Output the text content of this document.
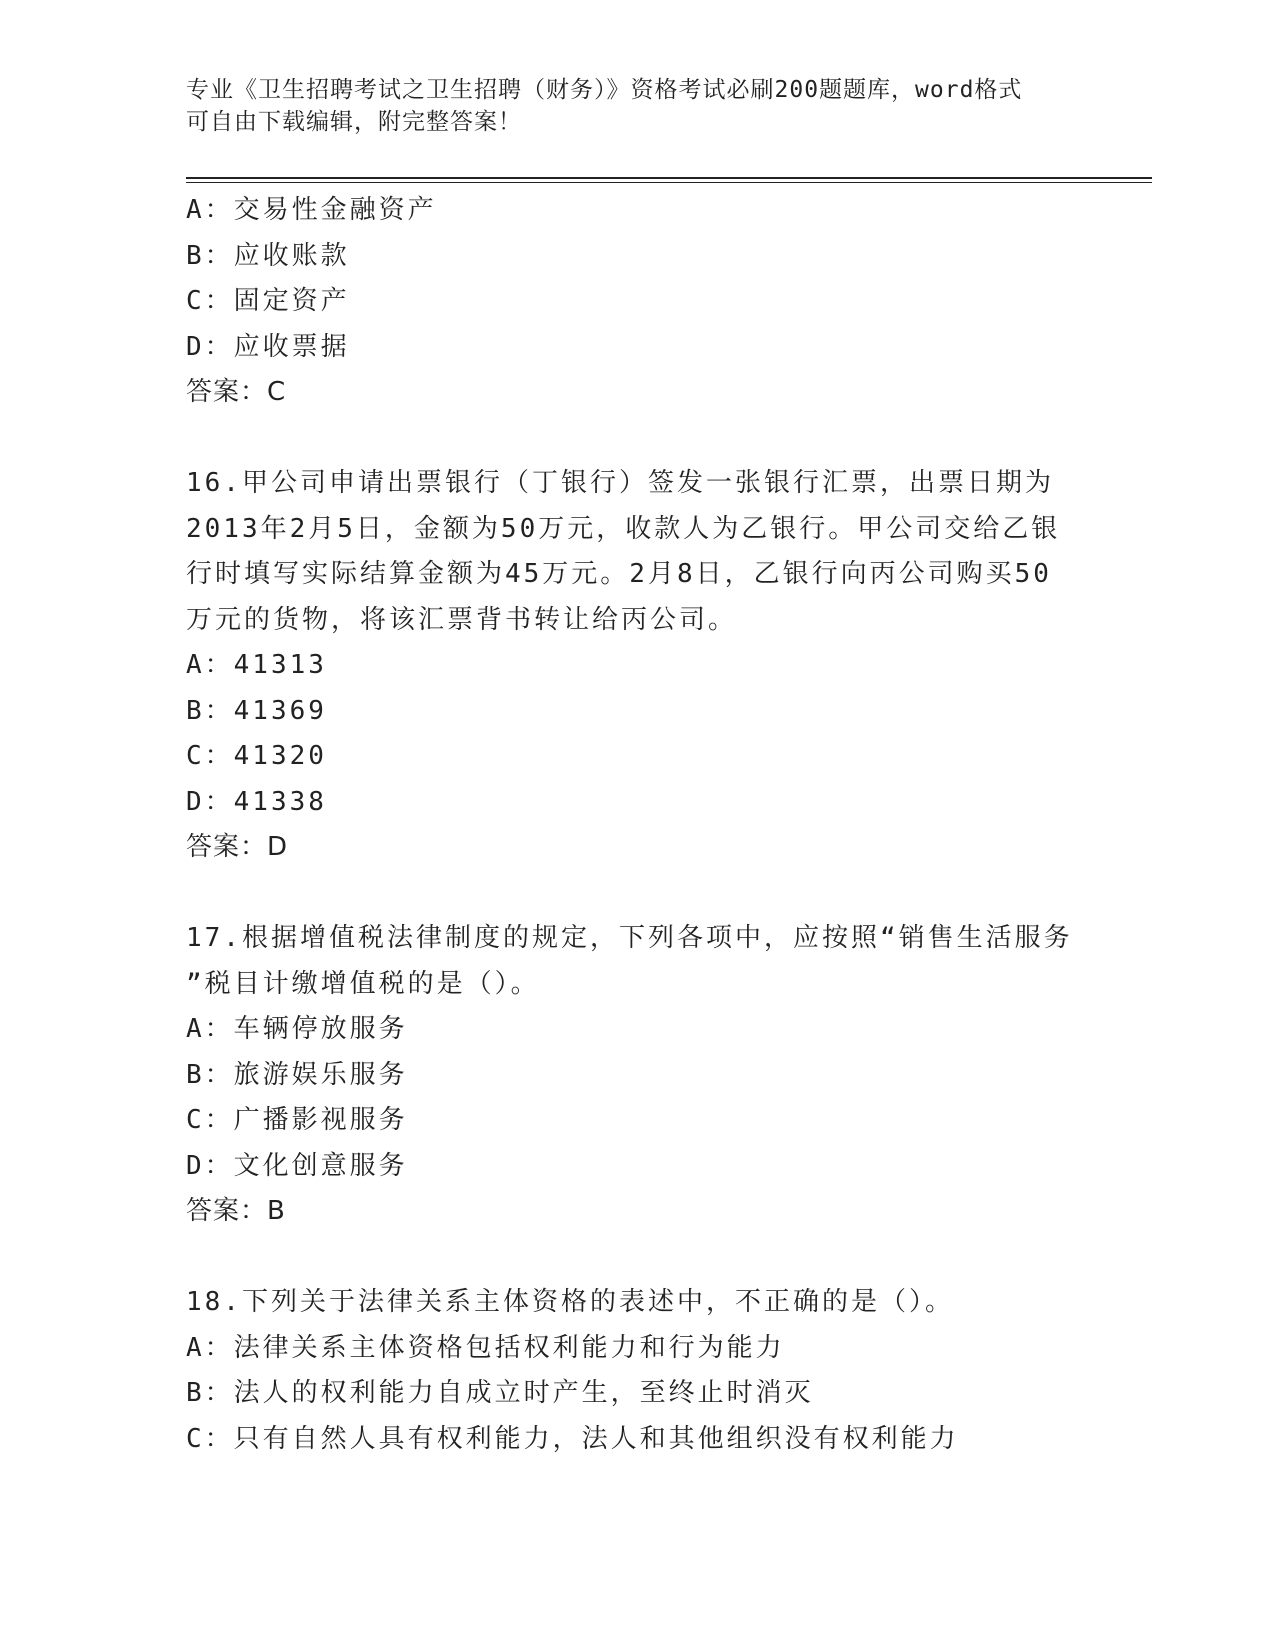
专业《卫生招聘考试之卫生招聘（财务）》资格考试必刷200题题库，word格式
可自由下载编辑，附完整答案！
A：交易性金融资产
B：应收账款
C：固定资产
D：应收票据
答案：C
16.甲公司申请出票银行（丁银行）签发一张银行汇票，出票日期为
2013年2月5日，金额为50万元，收款人为乙银行。甲公司交给乙银
行时填写实际结算金额为45万元。2月8日，乙银行向丙公司购买50
万元的货物，将该汇票背书转让给丙公司。
A：41313
B：41369
C：41320
D：41338
答案：D
17.根据增值税法律制度的规定，下列各项中，应按照“销售生活服务
”税目计缴增值税的是（）。
A：车辆停放服务
B：旅游娱乐服务
C：广播影视服务
D：文化创意服务
答案：B
18.下列关于法律关系主体资格的表述中，不正确的是（）。
A：法律关系主体资格包括权利能力和行为能力
B：法人的权利能力自成立时产生，至终止时消灭
C：只有自然人具有权利能力，法人和其他组织没有权利能力
